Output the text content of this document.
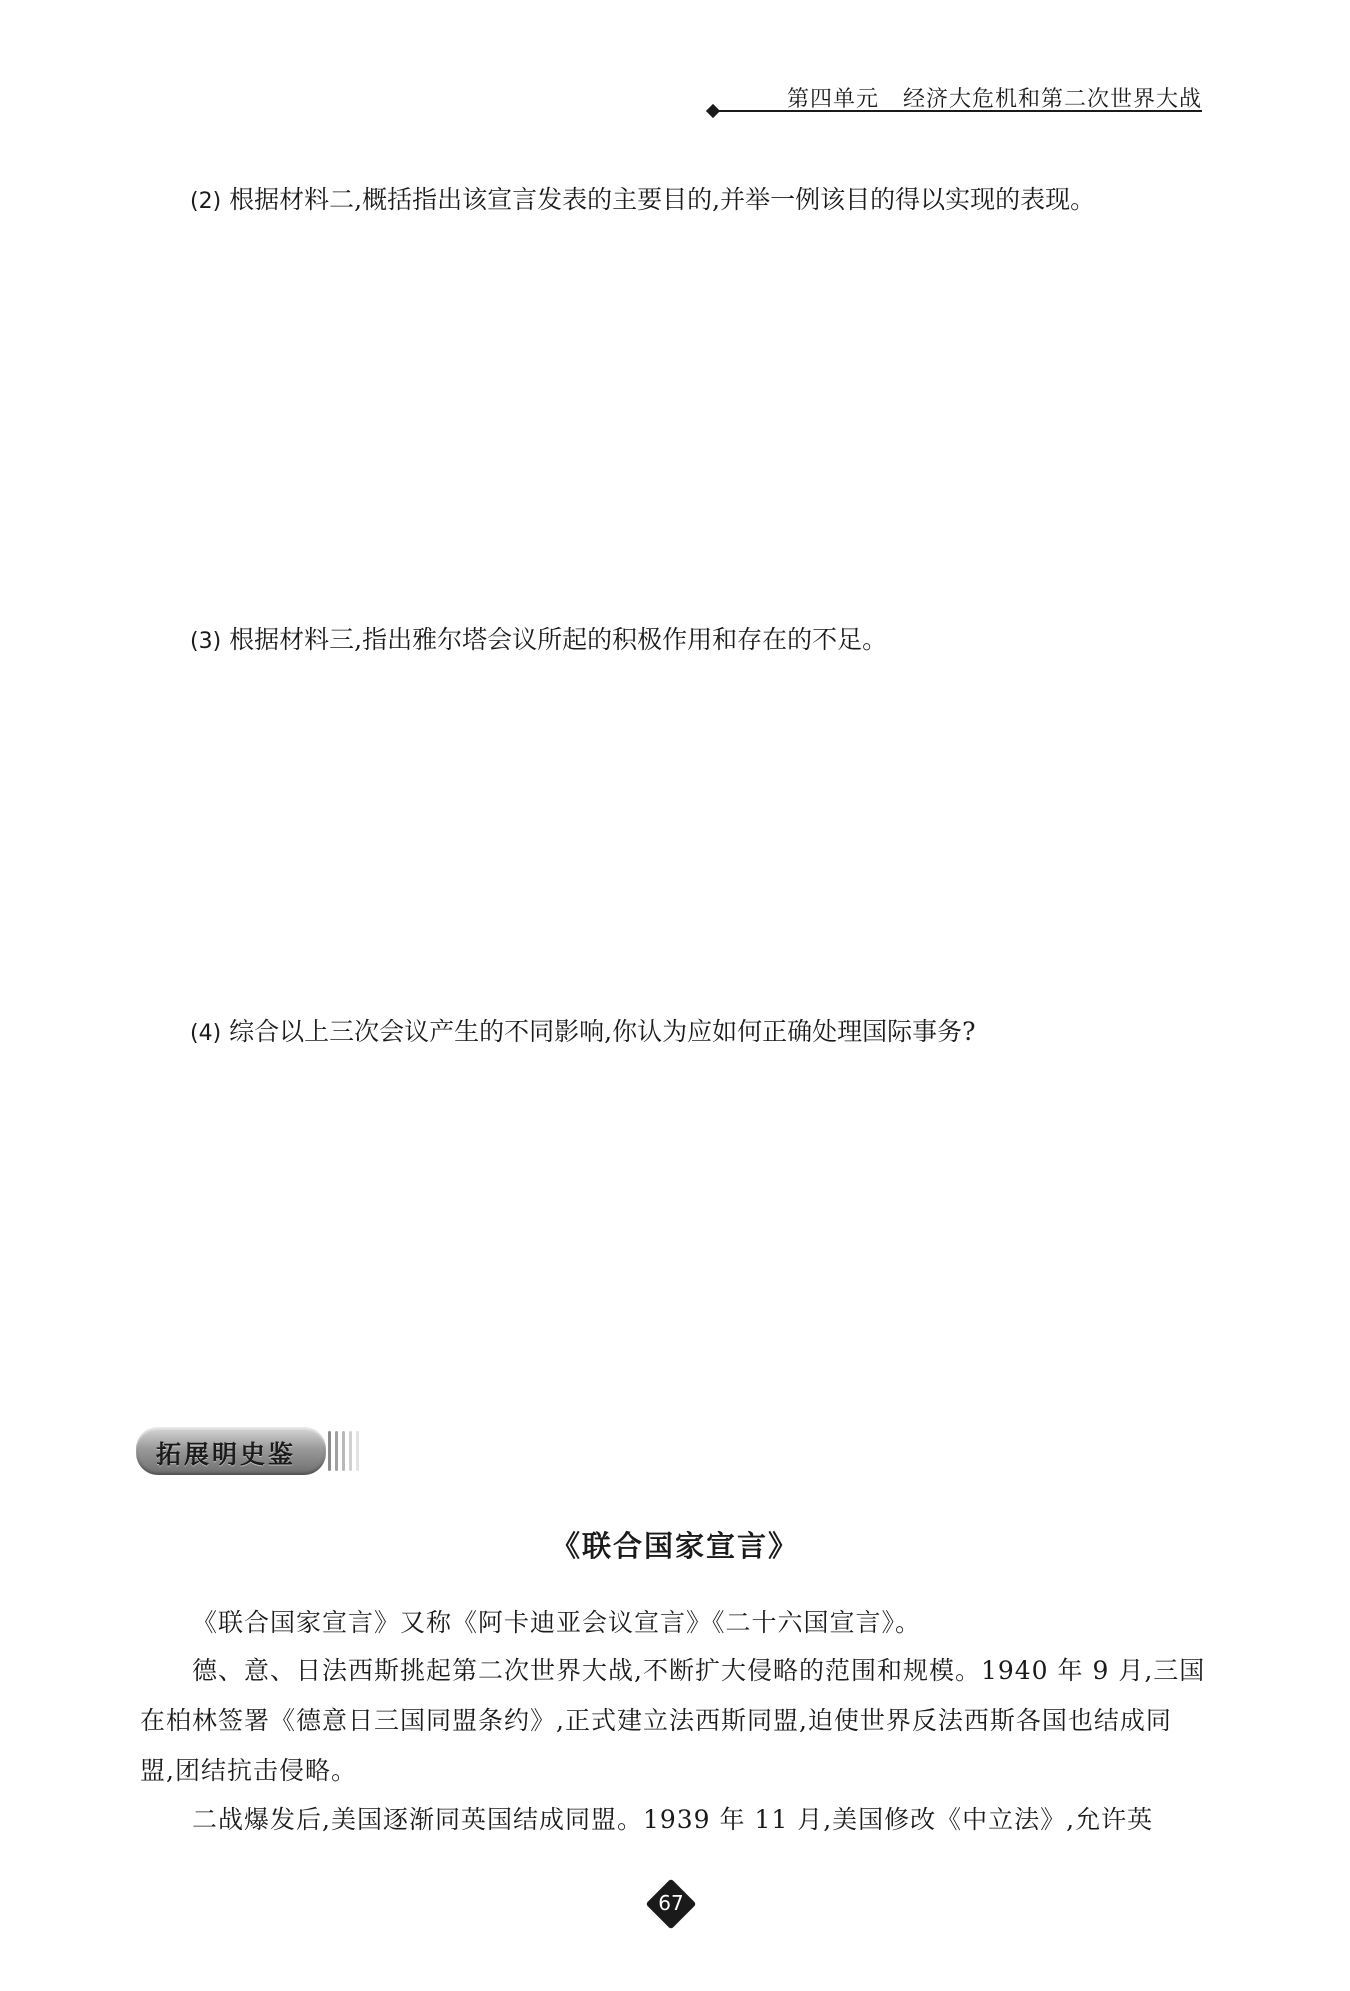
第四单元 经济大危机和第二次世界大战
(2) 根据材料二,概括指出该宣言发表的主要目的,并举一例该目的得以实现的表现。
(3) 根据材料三,指出雅尔塔会议所起的积极作用和存在的不足。
(4) 综合以上三次会议产生的不同影响,你认为应如何正确处理国际事务?
拓展明史鉴
《联合国家宣言》
《联合国家宣言》又称《阿卡迪亚会议宣言》《二十六国宣言》。
德、意、日法西斯挑起第二次世界大战,不断扩大侵略的范围和规模。1940 年 9 月,三国在柏林签署《德意日三国同盟条约》,正式建立法西斯同盟,迫使世界反法西斯各国也结成同盟,团结抗击侵略。
二战爆发后,美国逐渐同英国结成同盟。1939 年 11 月,美国修改《中立法》,允许英
67
